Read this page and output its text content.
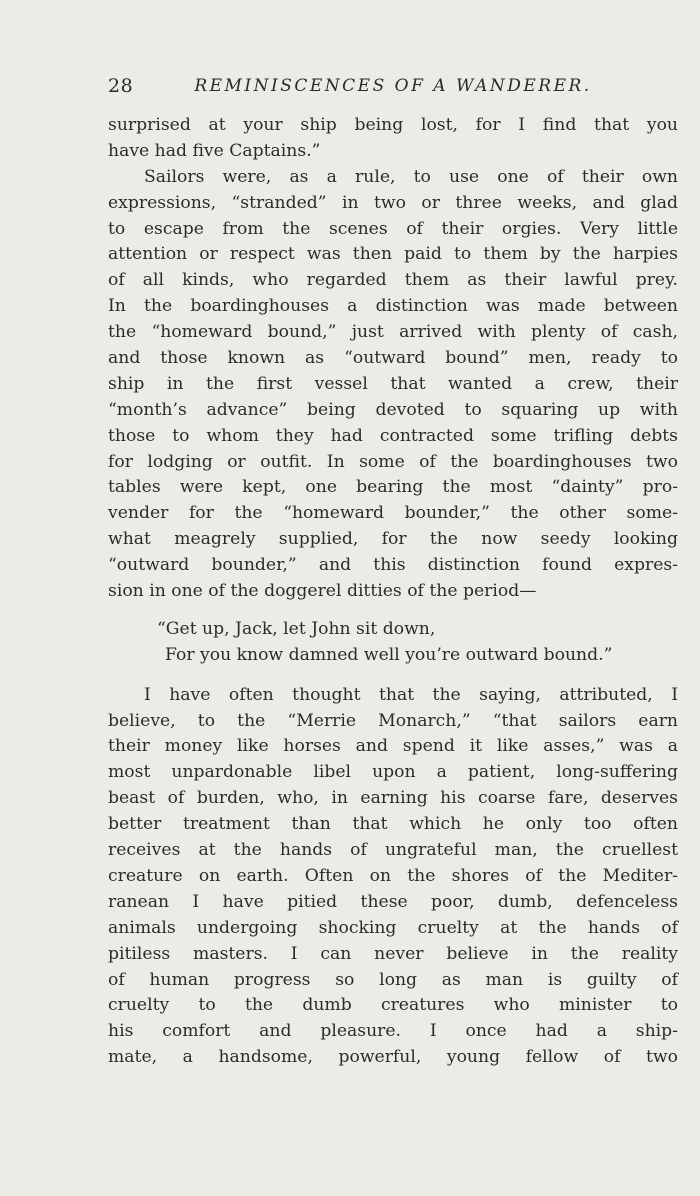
28	REMINISCENCES OF A WANDERER.
surprised at your ship being lost, for I find that you
have had five Captains.”
Sailors were, as a rule, to use one of their own
expressions, “stranded” in two or three weeks, and glad
to escape from the scenes of their orgies. Very little
attention or respect was then paid to them by the harpies
of all kinds, who regarded them as their lawful prey.
In the boardinghouses a distinction was made between
the “homeward bound,” just arrived with plenty of cash,
and those known as “outward bound” men, ready to
ship in the first vessel that wanted a crew, their
“month’s advance” being devoted to squaring up with
those to whom they had contracted some trifling debts
for lodging or outfit. In some of the boardinghouses two
tables were kept, one bearing the most “dainty” pro-
vender for the “homeward bounder,” the other some-
what meagrely supplied, for the now seedy looking
“outward bounder,” and this distinction found expres-
sion in one of the doggerel ditties of the period—
“Get up, Jack, let John sit down,
For you know damned well you’re outward bound.”
I have often thought that the saying, attributed, I
believe, to the “Merrie Monarch,” “that sailors earn
their money like horses and spend it like asses,” was a
most unpardonable libel upon a patient, long-suffering
beast of burden, who, in earning his coarse fare, deserves
better treatment than that which he only too often
receives at the hands of ungrateful man, the cruellest
creature on earth. Often on the shores of the Mediter-
ranean I have pitied these poor, dumb, defenceless
animals undergoing shocking cruelty at the hands of
pitiless masters. I can never believe in the reality
of human progress so long as man is guilty of
cruelty to the dumb creatures who minister to
his comfort and pleasure. I once had a ship-
mate, a handsome, powerful, young fellow of two
